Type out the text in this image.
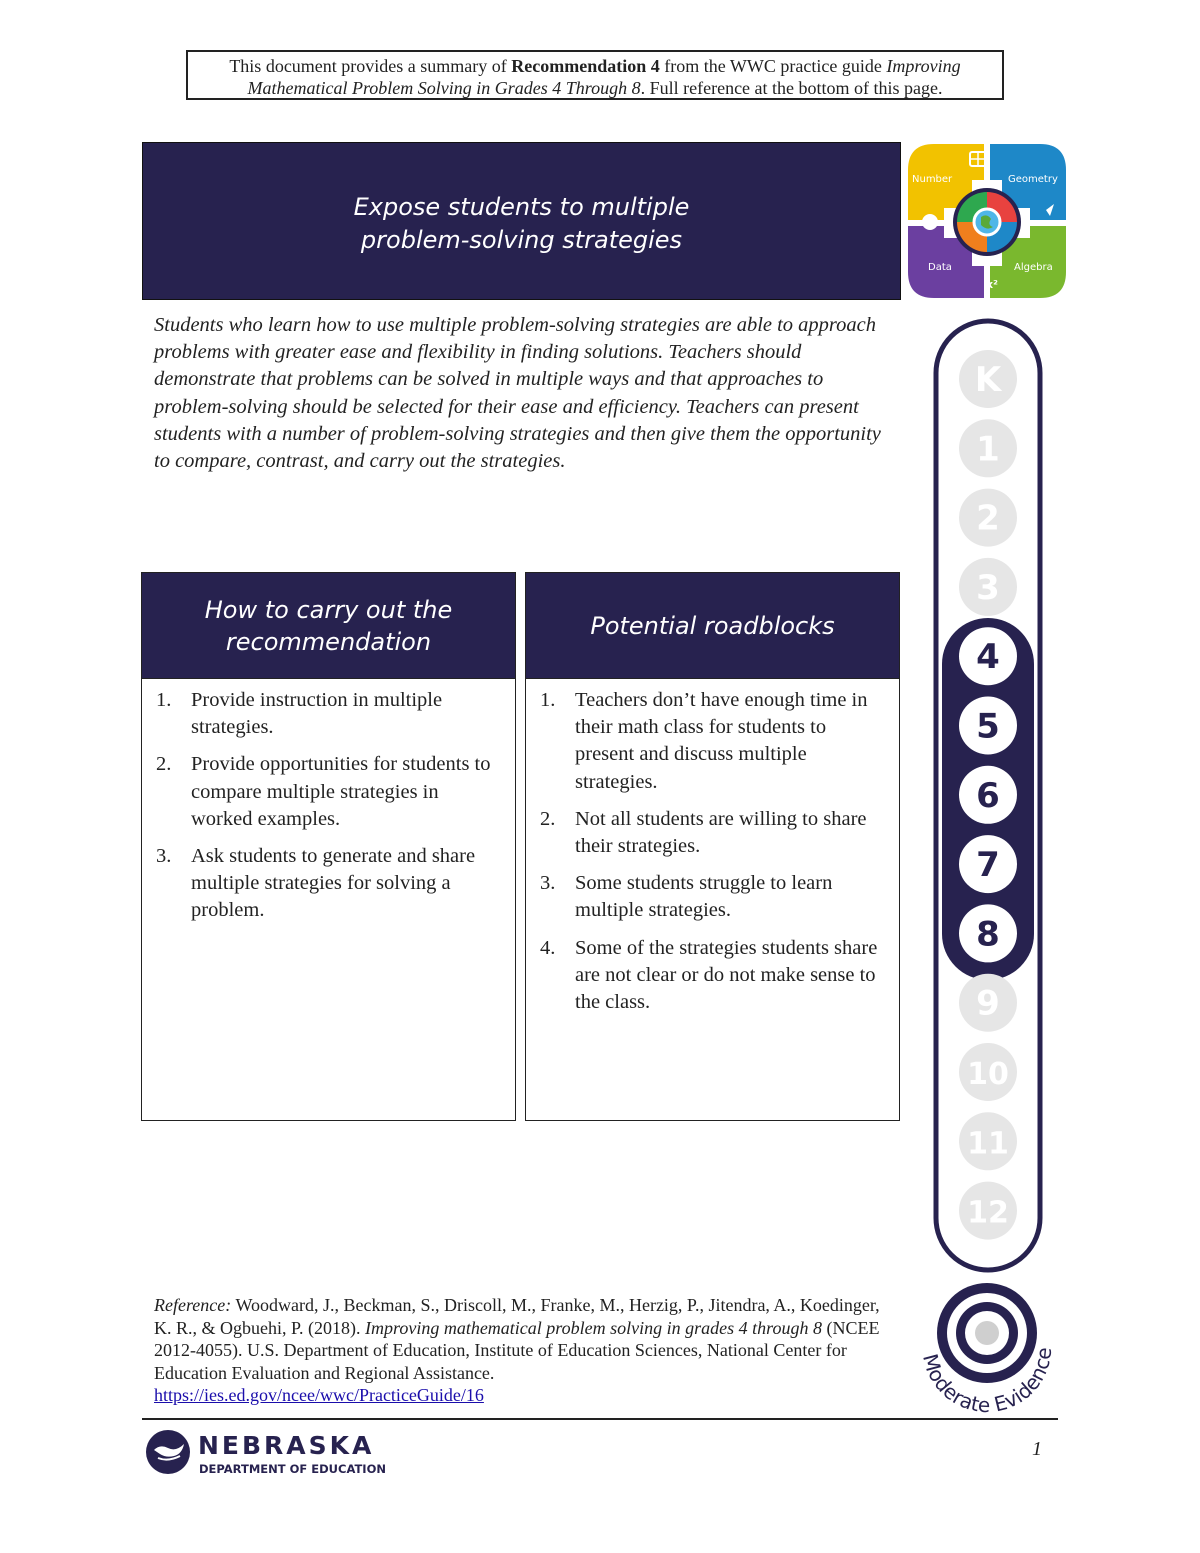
This document provides a summary of Recommendation 4 from the WWC practice guide Improving Mathematical Problem Solving in Grades 4 Through 8. Full reference at the bottom of this page.
Expose students to multiple
problem-solving strategies
Number	Geometry
Data	Algebra
x²
Students who learn how to use multiple problem-solving strategies are able to approach problems with greater ease and flexibility in finding solutions. Teachers should demonstrate that problems can be solved in multiple ways and that approaches to problem-solving should be selected for their ease and efficiency. Teachers can present students with a number of problem-solving strategies and then give them the opportunity to compare, contrast, and carry out the strategies.
How to carry out the recommendation
1. Provide instruction in multiple strategies.
2. Provide opportunities for students to compare multiple strategies in worked examples.
3. Ask students to generate and share multiple strategies for solving a problem.
Potential roadblocks
1. Teachers don’t have enough time in their math class for students to present and discuss multiple strategies.
2. Not all students are willing to share their strategies.
3. Some students struggle to learn multiple strategies.
4. Some of the strategies students share are not clear or do not make sense to the class.
K
1
2
3
4
5
6
7
8
9
10
11
12
Moderate Evidence
Reference: Woodward, J., Beckman, S., Driscoll, M., Franke, M., Herzig, P., Jitendra, A., Koedinger, K. R., & Ogbuehi, P. (2018). Improving mathematical problem solving in grades 4 through 8 (NCEE 2012-4055). U.S. Department of Education, Institute of Education Sciences, National Center for Education Evaluation and Regional Assistance.
https://ies.ed.gov/ncee/wwc/PracticeGuide/16
NEBRASKA
DEPARTMENT OF EDUCATION
1
